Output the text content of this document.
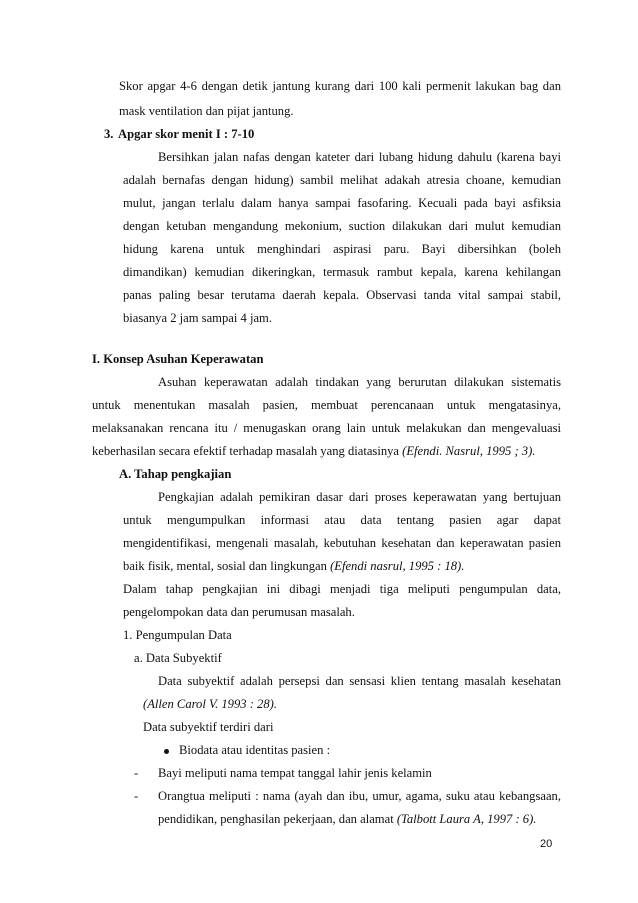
Skor apgar 4-6 dengan detik jantung kurang dari 100 kali permenit lakukan bag dan
mask ventilation dan pijat jantung.
3. Apgar skor menit I : 7-10
Bersihkan jalan nafas dengan kateter dari lubang hidung dahulu (karena bayi
adalah bernafas dengan hidung) sambil melihat adakah atresia choane, kemudian
mulut, jangan terlalu dalam hanya sampai fasofaring. Kecuali pada bayi asfiksia
dengan ketuban mengandung mekonium, suction dilakukan dari mulut kemudian
hidung karena untuk menghindari aspirasi paru. Bayi dibersihkan (boleh
dimandikan) kemudian dikeringkan, termasuk rambut kepala, karena kehilangan
panas paling besar terutama daerah kepala. Observasi tanda vital sampai stabil,
biasanya 2 jam sampai 4 jam.
I. Konsep Asuhan Keperawatan
Asuhan keperawatan adalah tindakan yang berurutan dilakukan sistematis
untuk menentukan masalah pasien, membuat perencanaan untuk mengatasinya,
melaksanakan rencana itu / menugaskan orang lain untuk melakukan dan mengevaluasi
keberhasilan secara efektif terhadap masalah yang diatasinya (Efendi. Nasrul, 1995 ; 3).
A. Tahap pengkajian
Pengkajian adalah pemikiran dasar dari proses keperawatan yang bertujuan
untuk mengumpulkan informasi atau data tentang pasien agar dapat
mengidentifikasi, mengenali masalah, kebutuhan kesehatan dan keperawatan pasien
baik fisik, mental, sosial dan lingkungan (Efendi nasrul, 1995 : 18).
Dalam tahap pengkajian ini dibagi menjadi tiga meliputi pengumpulan data,
pengelompokan data dan perumusan masalah.
1. Pengumpulan Data
a. Data Subyektif
Data subyektif adalah persepsi dan sensasi klien tentang masalah kesehatan
(Allen Carol V. 1993 : 28).
Data subyektif terdiri dari
Biodata atau identitas pasien :
- Bayi meliputi nama tempat tanggal lahir jenis kelamin
- Orangtua meliputi : nama (ayah dan ibu, umur, agama, suku atau kebangsaan,
pendidikan, penghasilan pekerjaan, dan alamat (Talbott Laura A, 1997 : 6).
20
